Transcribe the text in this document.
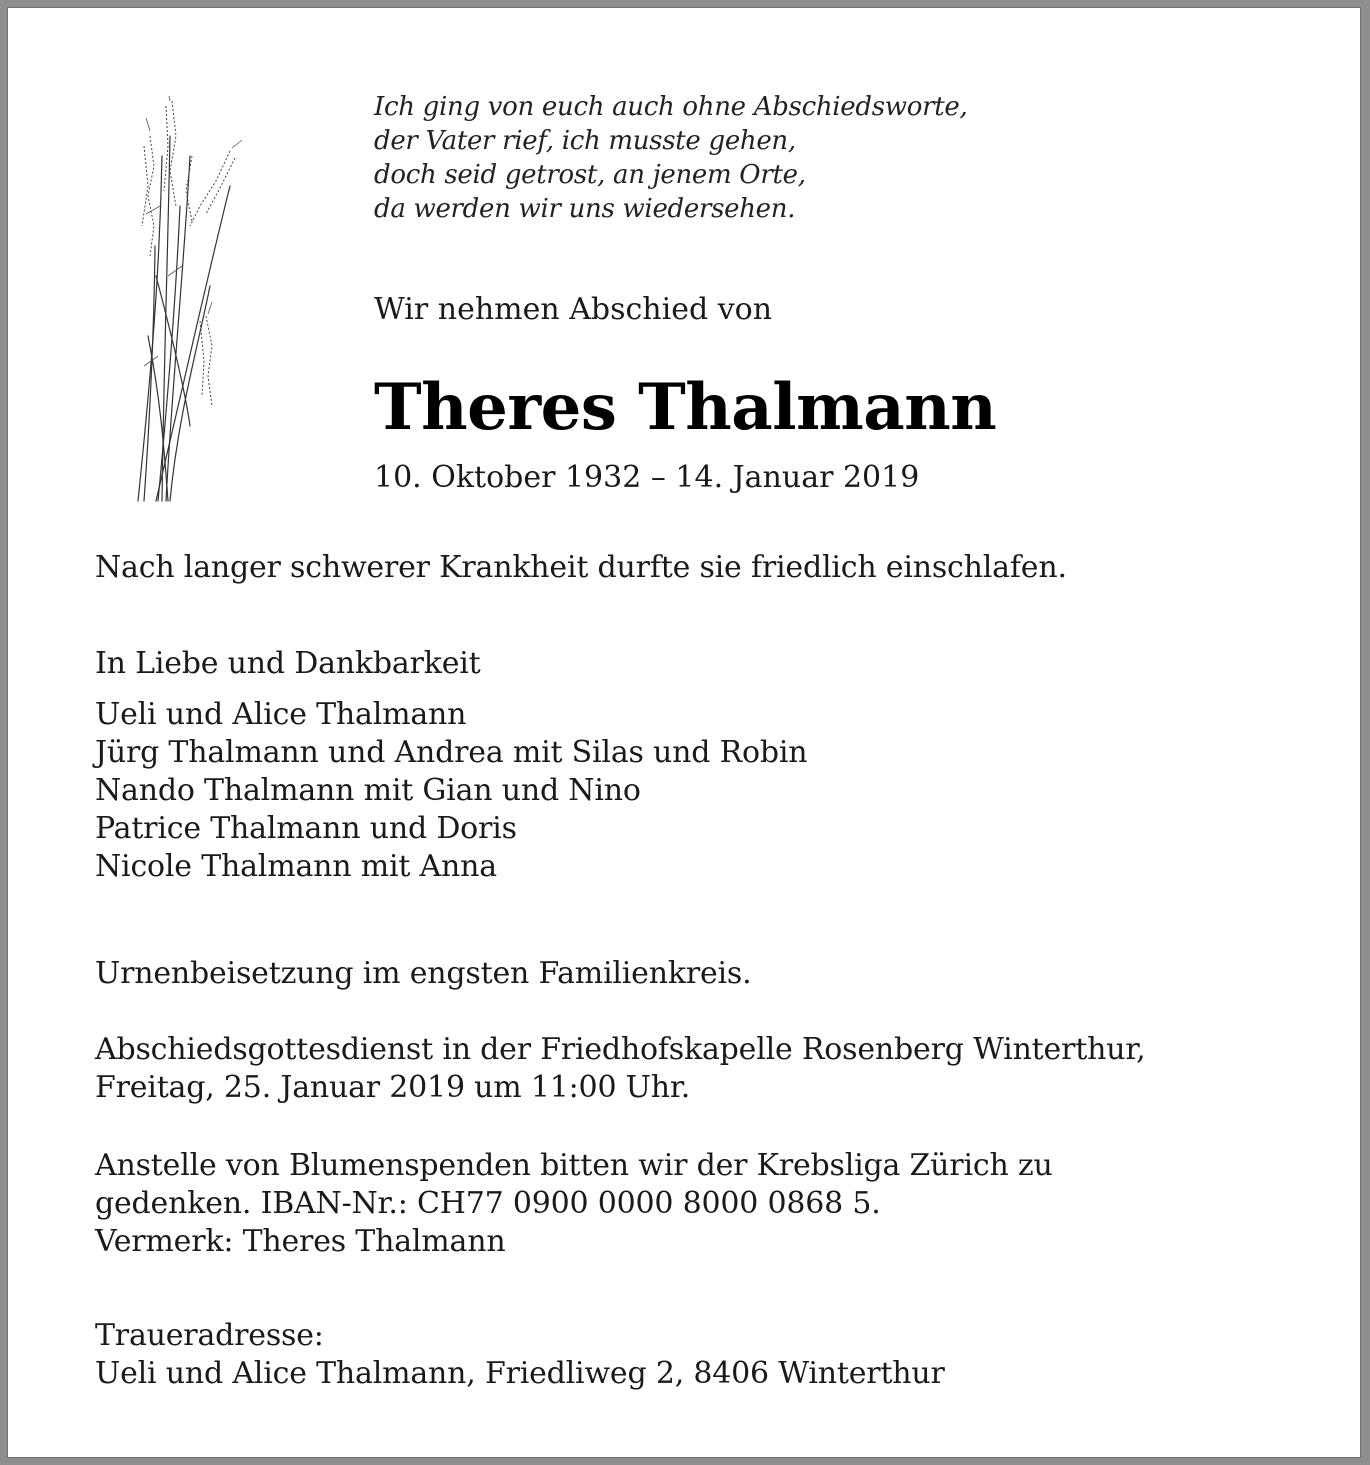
Ich ging von euch auch ohne Abschiedsworte,
der Vater rief, ich musste gehen,
doch seid getrost, an jenem Orte,
da werden wir uns wiedersehen.
Wir nehmen Abschied von
Theres Thalmann
10. Oktober 1932 – 14. Januar 2019
Nach langer schwerer Krankheit durfte sie friedlich einschlafen.
In Liebe und Dankbarkeit
Ueli und Alice Thalmann
Jürg Thalmann und Andrea mit Silas und Robin
Nando Thalmann mit Gian und Nino
Patrice Thalmann und Doris
Nicole Thalmann mit Anna
Urnenbeisetzung im engsten Familienkreis.
Abschiedsgottesdienst in der Friedhofskapelle Rosenberg Winterthur,
Freitag, 25. Januar 2019 um 11:00 Uhr.
Anstelle von Blumenspenden bitten wir der Krebsliga Zürich zu
gedenken. IBAN-Nr.: CH77 0900 0000 8000 0868 5.
Vermerk: Theres Thalmann
Traueradresse:
Ueli und Alice Thalmann, Friedliweg 2, 8406 Winterthur
